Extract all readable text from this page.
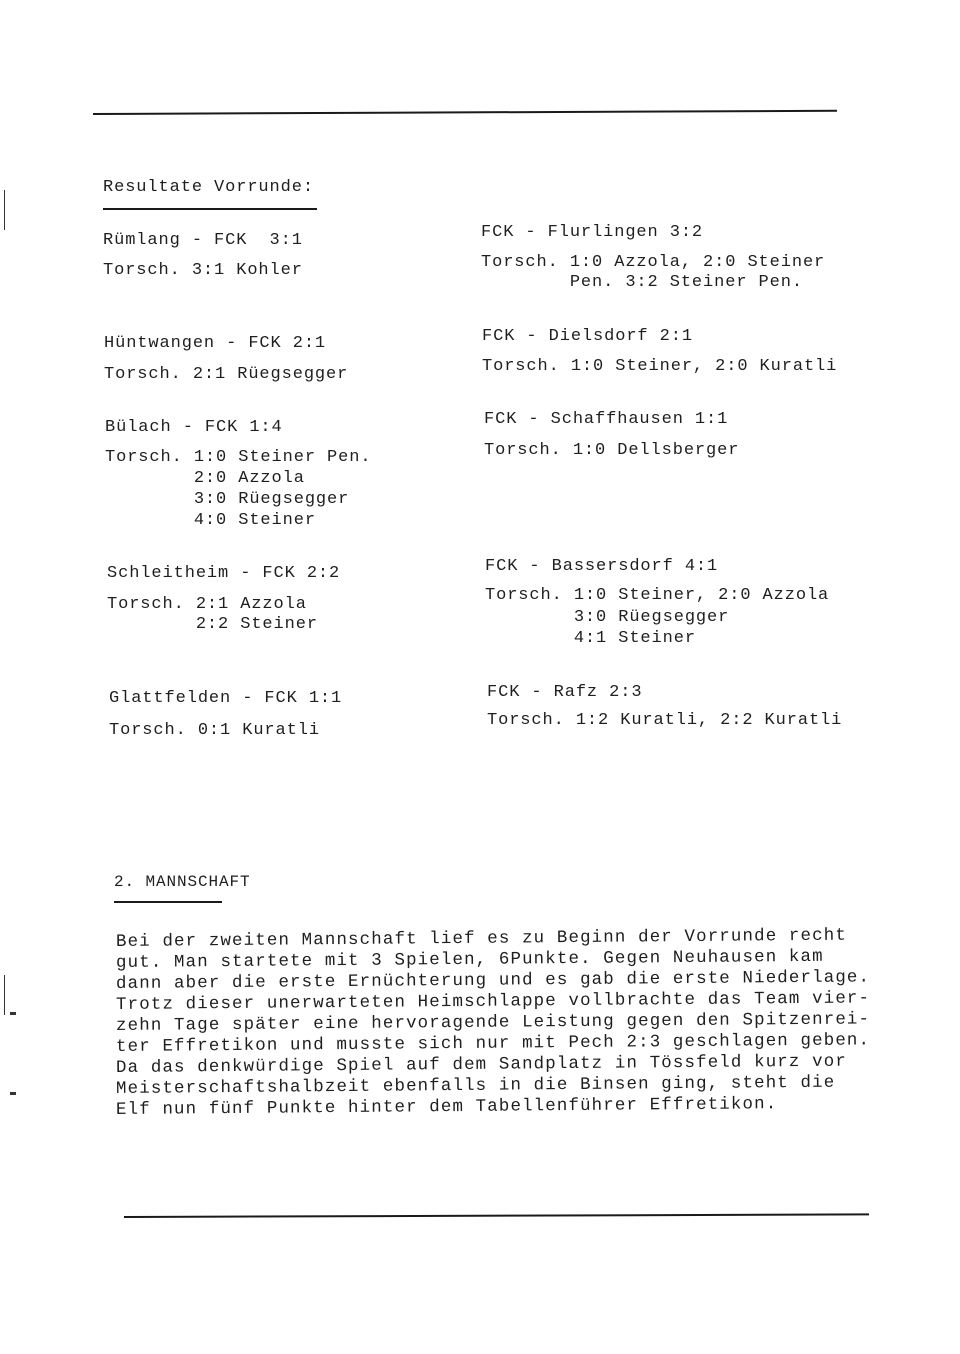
Resultate Vorrunde:
Rümlang - FCK  3:1
Torsch. 3:1 Kohler
Hüntwangen - FCK 2:1
Torsch. 2:1 Rüegsegger
Bülach - FCK 1:4
Torsch. 1:0 Steiner Pen.
2:0 Azzola
3:0 Rüegsegger
4:0 Steiner
Schleitheim - FCK 2:2
Torsch. 2:1 Azzola
2:2 Steiner
Glattfelden - FCK 1:1
Torsch. 0:1 Kuratli
FCK - Flurlingen 3:2
Torsch. 1:0 Azzola, 2:0 Steiner
Pen. 3:2 Steiner Pen.
FCK - Dielsdorf 2:1
Torsch. 1:0 Steiner, 2:0 Kuratli
FCK - Schaffhausen 1:1
Torsch. 1:0 Dellsberger
FCK - Bassersdorf 4:1
Torsch. 1:0 Steiner, 2:0 Azzola
3:0 Rüegsegger
4:1 Steiner
FCK - Rafz 2:3
Torsch. 1:2 Kuratli, 2:2 Kuratli
2. MANNSCHAFT
Bei der zweiten Mannschaft lief es zu Beginn der Vorrunde recht
gut. Man startete mit 3 Spielen, 6Punkte. Gegen Neuhausen kam
dann aber die erste Ernüchterung und es gab die erste Niederlage.
Trotz dieser unerwarteten Heimschlappe vollbrachte das Team vier-
zehn Tage später eine hervoragende Leistung gegen den Spitzenrei-
ter Effretikon und musste sich nur mit Pech 2:3 geschlagen geben.
Da das denkwürdige Spiel auf dem Sandplatz in Tössfeld kurz vor
Meisterschaftshalbzeit ebenfalls in die Binsen ging, steht die
Elf nun fünf Punkte hinter dem Tabellenführer Effretikon.
